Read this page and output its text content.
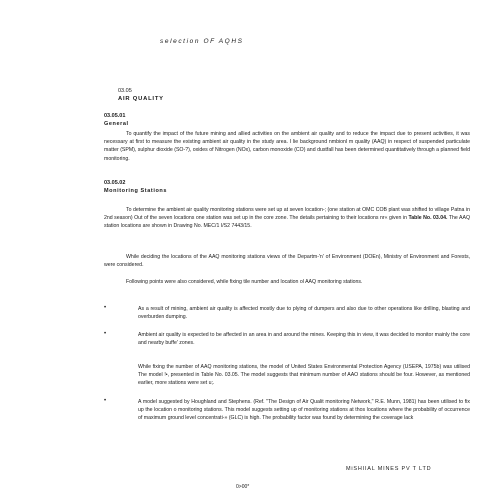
selection OF AQHS
03.05
AIR QUALITY
03.05.01
General

To quantify the impact of the future mining and allied activities on the ambient air quality and to reduce the impact due to present activities, it was necessary at first to measure the existing ambient air quality in the study area. I lie background nmbionl m quality (AAQ) in respect of suspended particulate matter (SPM), sulphur dioxide (SO-?), oxides of Nitrogen (NOx), carbon monoxide (CO) and dustfall has been determined quantitatively through a planned field monitoring.

03.05.02
Monitoring Stations

To determine the ambient air quality monitoring stations were set up at seven location-; (one station at OMC COB plant was shifted to village Patna in 2nd season) Out of the seven locations one station was set up in the core zone. The details pertaining to their locations nr« given in Table No. 03.04. The AAQ station locations are shown in Drawing No. MEC/1 I/S2 7443/15.

While deciding the locations of the AAQ monitoring stations views of the Departm-'n' of Environment (DOEn), Ministry of Environment and Forests, were considered.

Following points were also considered, while fixing tile number and location ol AAQ monitoring stations.

•	As a result of mining, ambient air quality is affected mostly due to plying of dumpers and also due to other operations like drilling, blasting and overburden dumping.

•	Ambient air quality is expected to be affected in an area in and around the mines. Keeping this in view, it was decided to monitor mainly the core and nearby buffe' zones.

While fixing the number of AAQ monitoring stations, the model of United States Environmental Protection Agency (USEPA, 1975b) was utilised The model !•, presented in Table No. 03.05. The model suggests that minimum number of AAO stations should be four. However, as mentioned earlier, more stations were set u;.

•	A model suggested by Houghland and Stephens. (Ref. "The Design of Air Qualit monitoring Network," R.E. Munn, 1981) has been utilised to fix up the location o monitoring stations. This model suggests setting up of monitoring stations at thos locations where the probability of occurrence of maximum ground level concentrati-» (GLC) is high. The probability factor was found by determining the coverage lack

MiSHIIAL MINES PV T LTD
0>00*
